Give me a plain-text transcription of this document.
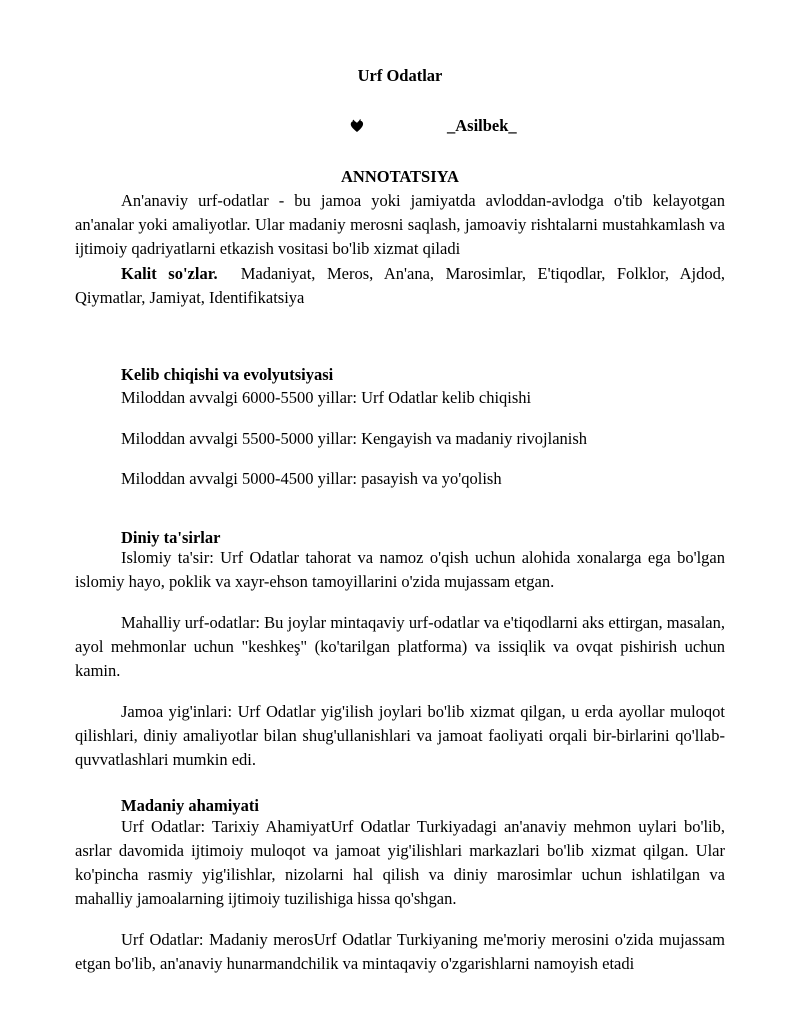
Urf Odatlar
_Asilbek_
ANNOTATSIYA
An'anaviy urf-odatlar - bu jamoa yoki jamiyatda avloddan-avlodga o'tib kelayotgan an'analar yoki amaliyotlar. Ular madaniy merosni saqlash, jamoaviy rishtalarni mustahkamlash va ijtimoiy qadriyatlarni etkazish vositasi bo'lib xizmat qiladi
Kalit so'zlar. Madaniyat, Meros, An'ana, Marosimlar, E'tiqodlar, Folklor, Ajdod, Qiymatlar, Jamiyat, Identifikatsiya
Kelib chiqishi va evolyutsiyasi
Miloddan avvalgi 6000-5500 yillar: Urf Odatlar kelib chiqishi
Miloddan avvalgi 5500-5000 yillar: Kengayish va madaniy rivojlanish
Miloddan avvalgi 5000-4500 yillar: pasayish va yo'qolish
Diniy ta'sirlar
Islomiy ta'sir: Urf Odatlar tahorat va namoz o'qish uchun alohida xonalarga ega bo'lgan islomiy hayo, poklik va xayr-ehson tamoyillarini o'zida mujassam etgan.
Mahalliy urf-odatlar: Bu joylar mintaqaviy urf-odatlar va e'tiqodlarni aks ettirgan, masalan, ayol mehmonlar uchun "keshkeş" (ko'tarilgan platforma) va issiqlik va ovqat pishirish uchun kamin.
Jamoa yig'inlari: Urf Odatlar yig'ilish joylari bo'lib xizmat qilgan, u erda ayollar muloqot qilishlari, diniy amaliyotlar bilan shug'ullanishlari va jamoat faoliyati orqali bir-birlarini qo'llab-quvvatlashlari mumkin edi.
Madaniy ahamiyati
Urf Odatlar: Tarixiy AhamiyatUrf Odatlar Turkiyadagi an'anaviy mehmon uylari bo'lib, asrlar davomida ijtimoiy muloqot va jamoat yig'ilishlari markazlari bo'lib xizmat qilgan. Ular ko'pincha rasmiy yig'ilishlar, nizolarni hal qilish va diniy marosimlar uchun ishlatilgan va mahalliy jamoalarning ijtimoiy tuzilishiga hissa qo'shgan.
Urf Odatlar: Madaniy merosUrf Odatlar Turkiyaning me'moriy merosini o'zida mujassam etgan bo'lib, an'anaviy hunarmandchilik va mintaqaviy o'zgarishlarni namoyish etadi
